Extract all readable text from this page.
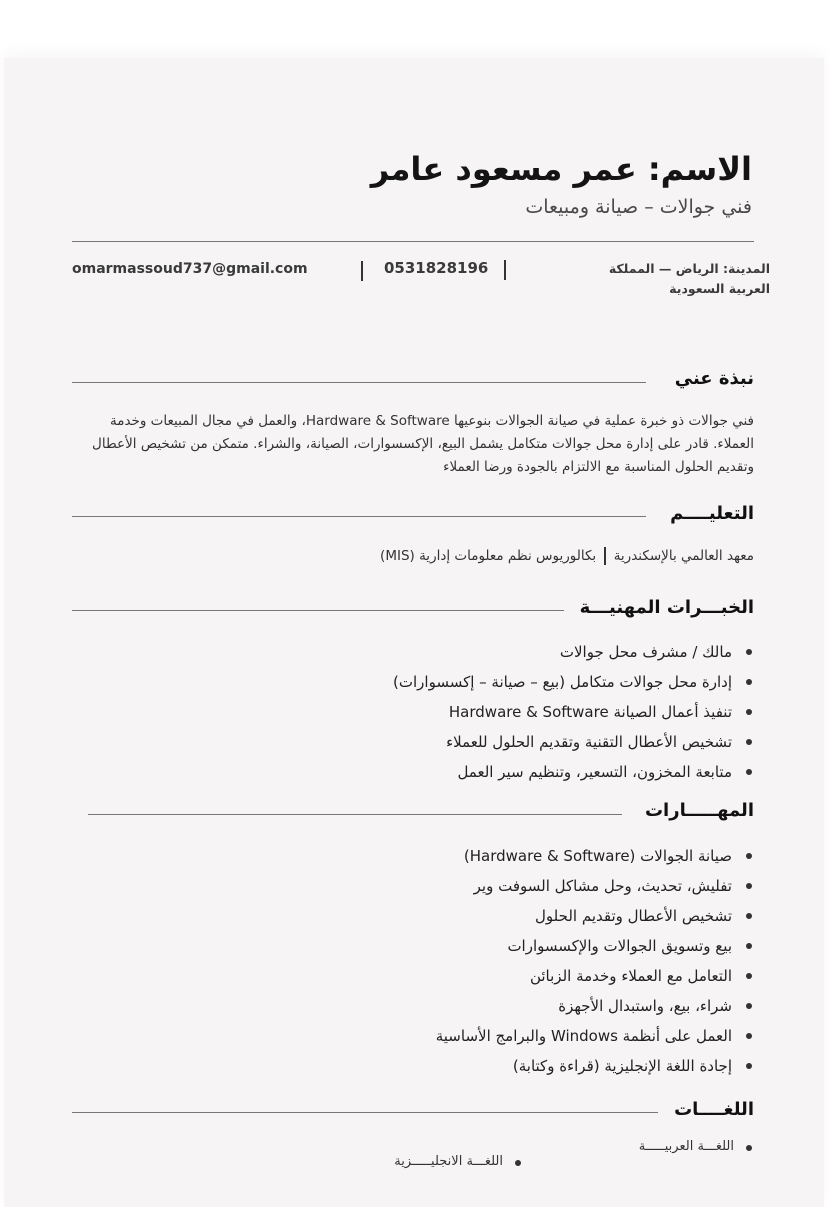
الاسم: عمر مسعود عامر
فني جوالات – صيانة ومبيعات
المدينة: الرياض — المملكة العربية السعودية
0531828196
omarmassoud737@gmail.com
نبذة عني
فني جوالات ذو خبرة عملية في صيانة الجوالات بنوعيها Hardware & Software، والعمل في مجال المبيعات وخدمة العملاء. قادر على إدارة محل جوالات متكامل يشمل البيع، الإكسسوارات، الصيانة، والشراء. متمكن من تشخيص الأعطال وتقديم الحلول المناسبة مع الالتزام بالجودة ورضا العملاء
التعليــــم
معهد العالمي بالإسكندريةبكالوريوس نظم معلومات إدارية (MIS)
الخبـــرات المهنيـــة
مالك / مشرف محل جوالات
إدارة محل جوالات متكامل (بيع – صيانة – إكسسوارات)
تنفيذ أعمال الصيانة Hardware & Software
تشخيص الأعطال التقنية وتقديم الحلول للعملاء
متابعة المخزون، التسعير، وتنظيم سير العمل
المهـــــارات
صيانة الجوالات (Hardware & Software)
تفليش، تحديث، وحل مشاكل السوفت وير
تشخيص الأعطال وتقديم الحلول
بيع وتسويق الجوالات والإكسسوارات
التعامل مع العملاء وخدمة الزبائن
شراء، بيع، واستبدال الأجهزة
العمل على أنظمة Windows والبرامج الأساسية
إجادة اللغة الإنجليزية (قراءة وكتابة)
اللغــــات
اللغـــة العربيـــــة
اللغـــة الانجليـــــزية
